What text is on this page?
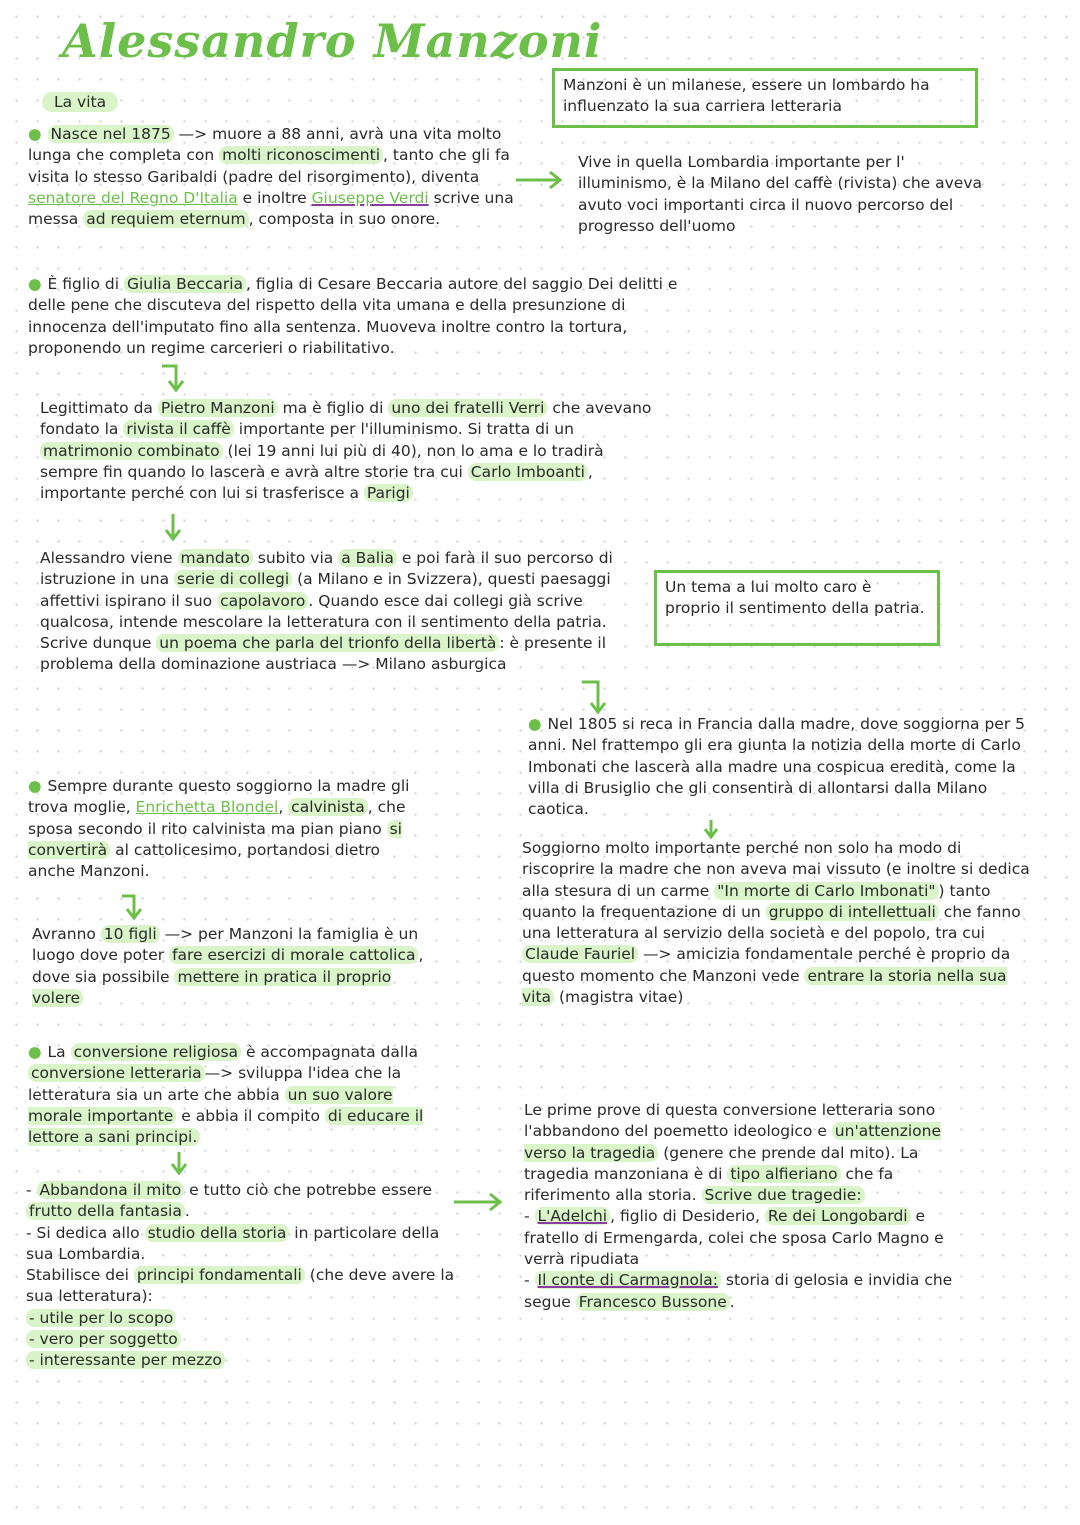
Alessandro Manzoni
La vita
Manzoni è un milanese, essere un lombardo ha influenzato la sua carriera letteraria

● Nasce nel 1875 —> muore a 88 anni, avrà una vita molto lunga che completa con molti riconoscimenti , tanto che gli fa visita lo stesso Garibaldi (padre del risorgimento), diventa senatore del Regno D'Italia e inoltre Giuseppe Verdi scrive una messa ad requiem eternum , composta in suo onore.

Vive in quella Lombardia importante per l' illuminismo, è la Milano del caffè (rivista) che aveva avuto voci importanti circa il nuovo percorso del progresso dell'uomo

● È figlio di Giulia Beccaria , figlia di Cesare Beccaria autore del saggio Dei delitti e delle pene che discuteva del rispetto della vita umana e della presunzione di innocenza dell'imputato fino alla sentenza. Muoveva inoltre contro la tortura, proponendo un regime carcerieri o riabilitativo.

Legittimato da Pietro Manzoni ma è figlio di uno dei fratelli Verri che avevano fondato la rivista il caffè importante per l'illuminismo. Si tratta di un matrimonio combinato (lei 19 anni lui più di 40), non lo ama e lo tradirà sempre fin quando lo lascerà e avrà altre storie tra cui Carlo Imboanti , importante perché con lui si trasferisce a Parigi

Alessandro viene mandato subito via a Balia e poi farà il suo percorso di istruzione in una serie di collegi (a Milano e in Svizzera), questi paesaggi affettivi ispirano il suo capolavoro . Quando esce dai collegi già scrive qualcosa, intende mescolare la letteratura con il sentimento della patria. Scrive dunque un poema che parla del trionfo della libertà : è presente il problema della dominazione austriaca —> Milano asburgica

Un tema a lui molto caro è proprio il sentimento della patria.

● Nel 1805 si reca in Francia dalla madre, dove soggiorna per 5 anni. Nel frattempo gli era giunta la notizia della morte di Carlo Imbonati che lascerà alla madre una cospicua eredità, come la villa di Brusiglio che gli consentirà di allontarsi dalla Milano caotica.

Soggiorno molto importante perché non solo ha modo di riscoprire la madre che non aveva mai vissuto (e inoltre si dedica alla stesura di un carme "In morte di Carlo Imbonati" ) tanto quanto la frequentazione di un gruppo di intellettuali che fanno una letteratura al servizio della società e del popolo, tra cui Claude Fauriel —> amicizia fondamentale perché è proprio da questo momento che Manzoni vede entrare la storia nella sua vita (magistra vitae)

● Sempre durante questo soggiorno la madre gli trova moglie, Enrichetta Blondel, calvinista , che sposa secondo il rito calvinista ma pian piano si convertirà al cattolicesimo, portandosi dietro anche Manzoni.

Avranno 10 figli —> per Manzoni la famiglia è un luogo dove poter fare esercizi di morale cattolica , dove sia possibile mettere in pratica il proprio volere

● La conversione religiosa è accompagnata dalla conversione letteraria —> sviluppa l'idea che la letteratura sia un arte che abbia un suo valore morale importante e abbia il compito di educare il lettore a sani principi.

- Abbandona il mito e tutto ciò che potrebbe essere frutto della fantasia .

- Si dedica allo studio della storia in particolare della sua Lombardia.

Stabilisce dei principi fondamentali (che deve avere la sua letteratura):

- utile per lo scopo

- vero per soggetto

- interessante per mezzo

Le prime prove di questa conversione letteraria sono l'abbandono del poemetto ideologico e un'attenzione verso la tragedia (genere che prende dal mito). La tragedia manzoniana è di tipo alfieriano che fa riferimento alla storia. Scrive due tragedie:

- L'Adelchi , figlio di Desiderio, Re dei Longobardi e fratello di Ermengarda, colei che sposa Carlo Magno e verrà ripudiata

- Il conte di Carmagnola: storia di gelosia e invidia che segue Francesco Bussone .
